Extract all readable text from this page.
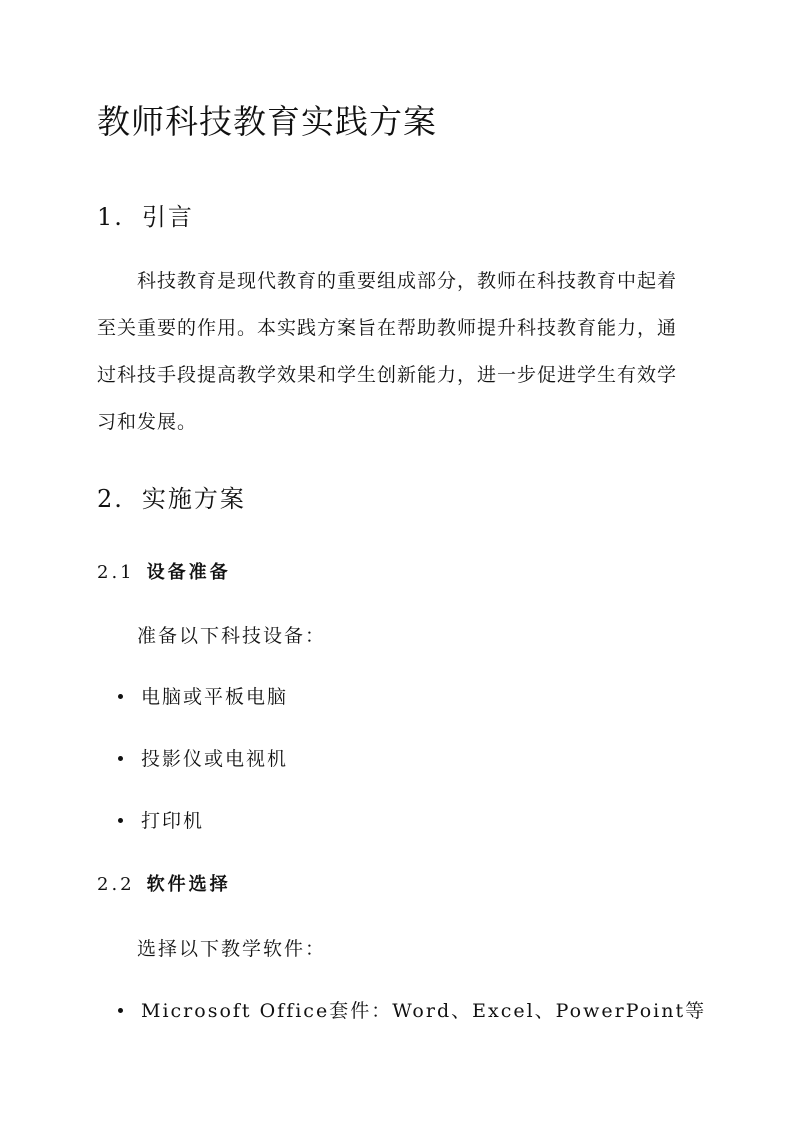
教师科技教育实践方案
1. 引言
科技教育是现代教育的重要组成部分，教师在科技教育中起着
至关重要的作用。本实践方案旨在帮助教师提升科技教育能力，通
过科技手段提高教学效果和学生创新能力，进一步促进学生有效学
习和发展。
2. 实施方案
2.1 设备准备

准备以下科技设备：

电脑或平板电脑
投影仪或电视机
打印机
2.2 软件选择

选择以下教学软件：

Microsoft Office套件：Word、Excel、PowerPoint等
